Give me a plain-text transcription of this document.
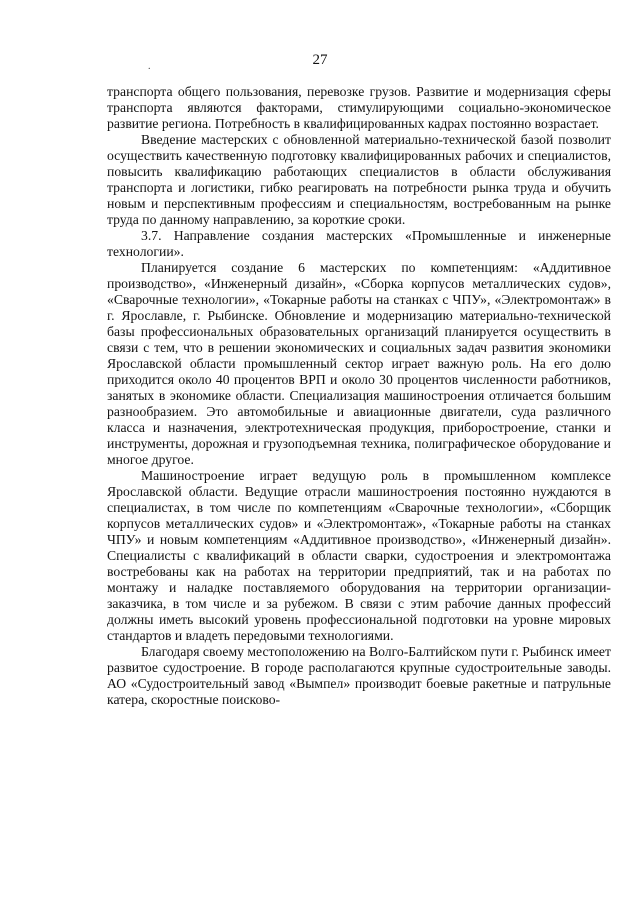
27
.

транспорта общего пользования, перевозке грузов. Развитие и модернизация сферы транспорта являются факторами, стимулирующими социально-экономическое развитие региона. Потребность в квалифицированных кадрах постоянно возрастает.

Введение мастерских с обновленной материально-технической базой позволит осуществить качественную подготовку квалифицированных рабочих и специалистов, повысить квалификацию работающих специалистов в области обслуживания транспорта и логистики, гибко реагировать на потребности рынка труда и обучить новым и перспективным профессиям и специальностям, востребованным на рынке труда по данному направлению, за короткие сроки.

3.7. Направление создания мастерских «Промышленные и инженерные технологии».

Планируется создание 6 мастерских по компетенциям: «Аддитивное производство», «Инженерный дизайн», «Сборка корпусов металлических судов», «Сварочные технологии», «Токарные работы на станках с ЧПУ», «Электромонтаж» в г. Ярославле, г. Рыбинске. Обновление и модернизацию материально-технической базы профессиональных образовательных организаций планируется осуществить в связи с тем, что в решении экономических и социальных задач развития экономики Ярославской области промышленный сектор играет важную роль. На его долю приходится около 40 процентов ВРП и около 30 процентов численности работников, занятых в экономике области. Специализация машиностроения отличается большим разнообразием. Это автомобильные и авиационные двигатели, суда различного класса и назначения, электротехническая продукция, приборостроение, станки и инструменты, дорожная и грузоподъемная техника, полиграфическое оборудование и многое другое.

Машиностроение играет ведущую роль в промышленном комплексе Ярославской области. Ведущие отрасли машиностроения постоянно нуждаются в специалистах, в том числе по компетенциям «Сварочные технологии», «Сборщик корпусов металлических судов» и «Электромонтаж», «Токарные работы на станках ЧПУ» и новым компетенциям «Аддитивное производство», «Инженерный дизайн». Специалисты с квалификаций в области сварки, судостроения и электромонтажа востребованы как на работах на территории предприятий, так и на работах по монтажу и наладке поставляемого оборудования на территории организации-заказчика, в том числе и за рубежом. В связи с этим рабочие данных профессий должны иметь высокий уровень профессиональной подготовки на уровне мировых стандартов и владеть передовыми технологиями.

Благодаря своему местоположению на Волго-Балтийском пути г. Рыбинск имеет развитое судостроение. В городе располагаются крупные судостроительные заводы. АО «Судостроительный завод «Вымпел» производит боевые ракетные и патрульные катера, скоростные поисково-
